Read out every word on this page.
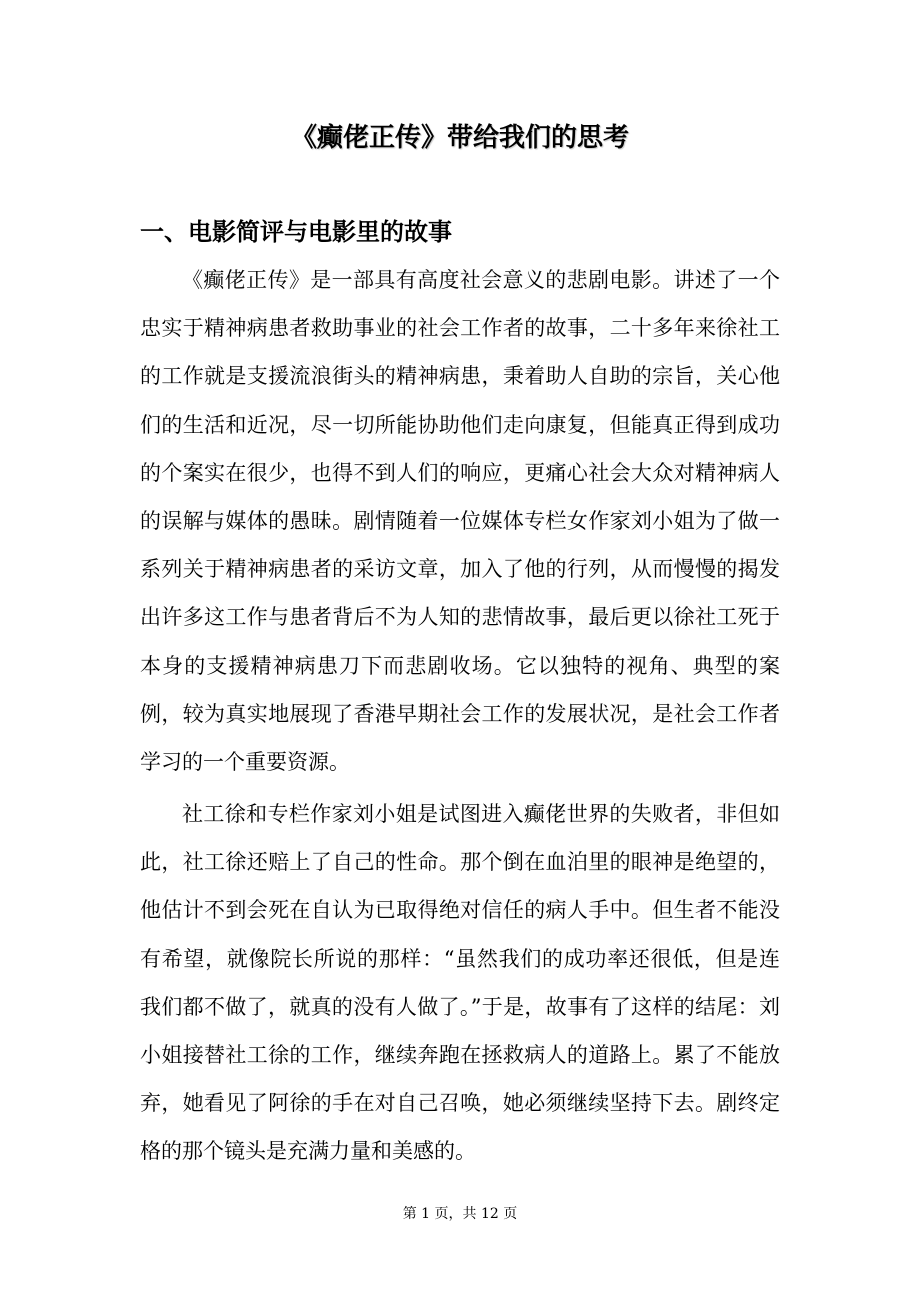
《癫佬正传》带给我们的思考
一、电影简评与电影里的故事

《癫佬正传》是一部具有高度社会意义的悲剧电影。讲述了一个忠实于精神病患者救助事业的社会工作者的故事，二十多年来徐社工的工作就是支援流浪街头的精神病患，秉着助人自助的宗旨，关心他们的生活和近况，尽一切所能协助他们走向康复，但能真正得到成功的个案实在很少，也得不到人们的响应，更痛心社会大众对精神病人的误解与媒体的愚昧。剧情随着一位媒体专栏女作家刘小姐为了做一系列关于精神病患者的采访文章，加入了他的行列，从而慢慢的揭发出许多这工作与患者背后不为人知的悲情故事，最后更以徐社工死于本身的支援精神病患刀下而悲剧收场。它以独特的视角、典型的案例，较为真实地展现了香港早期社会工作的发展状况，是社会工作者学习的一个重要资源。

社工徐和专栏作家刘小姐是试图进入癫佬世界的失败者，非但如此，社工徐还赔上了自己的性命。那个倒在血泊里的眼神是绝望的，他估计不到会死在自认为已取得绝对信任的病人手中。但生者不能没有希望，就像院长所说的那样：“虽然我们的成功率还很低，但是连我们都不做了，就真的没有人做了。”于是，故事有了这样的结尾：刘小姐接替社工徐的工作，继续奔跑在拯救病人的道路上。累了不能放弃，她看见了阿徐的手在对自己召唤，她必须继续坚持下去。剧终定格的那个镜头是充满力量和美感的。

第 1 页，共 12 页
